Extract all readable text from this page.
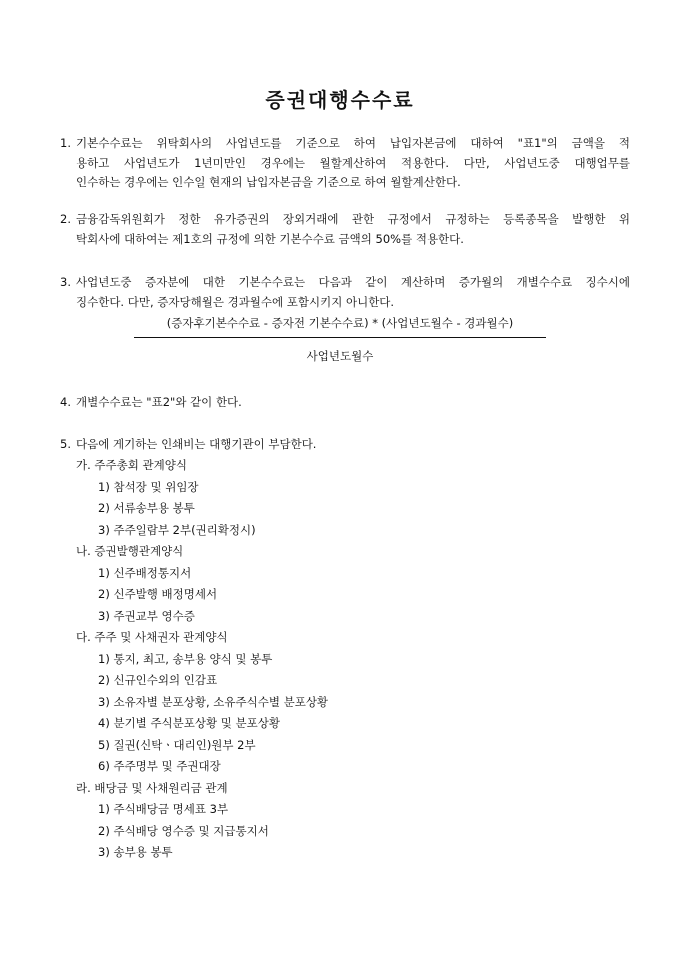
증권대행수수료
1. 기본수수료는 위탁회사의 사업년도를 기준으로 하여 납입자본금에 대하여 "표1"의 금액을 적
용하고 사업년도가 1년미만인 경우에는 월할계산하여 적용한다. 다만, 사업년도중 대행업무를
인수하는 경우에는 인수일 현재의 납입자본금을 기준으로 하여 월할계산한다.
2. 금융감독위원회가 정한 유가증권의 장외거래에 관한 규정에서 규정하는 등록종목을 발행한 위
탁회사에 대하여는 제1호의 규정에 의한 기본수수료 금액의 50%를 적용한다.
3. 사업년도중 증자분에 대한 기본수수료는 다음과 같이 계산하며 증가월의 개별수수료 징수시에
징수한다. 다만, 증자당해월은 경과월수에 포함시키지 아니한다.
(증자후기본수수료 - 증자전 기본수수료) * (사업년도월수 - 경과월수)
사업년도월수
4. 개별수수료는 "표2"와 같이 한다.
5. 다음에 게기하는 인쇄비는 대행기관이 부담한다.
가. 주주총회 관계양식
1) 참석장 및 위임장
2) 서류송부용 봉투
3) 주주일람부 2부(권리확정시)
나. 증권발행관계양식
1) 신주배정통지서
2) 신주발행 배정명세서
3) 주권교부 영수증
다. 주주 및 사채권자 관계양식
1) 통지, 최고, 송부용 양식 및 봉투
2) 신규인수외의 인감표
3) 소유자별 분포상황, 소유주식수별 분포상황
4) 분기별 주식분포상황 및 분포상황
5) 질권(신탁ㆍ대리인)원부 2부
6) 주주명부 및 주권대장
라. 배당금 및 사채원리금 관계
1) 주식배당금 명세표 3부
2) 주식배당 영수증 및 지급통지서
3) 송부용 봉투
